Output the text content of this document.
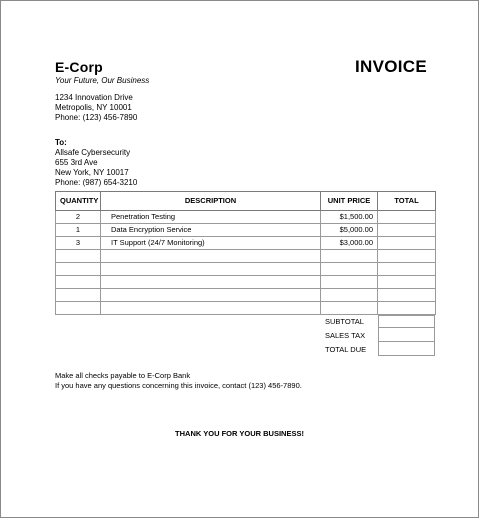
E-Corp	INVOICE
Your Future, Our Business
1234 Innovation Drive
Metropolis, NY 10001
Phone: (123) 456-7890
To:
Allsafe Cybersecurity
655 3rd Ave
New York, NY 10017
Phone: (987) 654-3210
QUANTITY	DESCRIPTION	UNIT PRICE	TOTAL
2	Penetration Testing	$1,500.00	
1	Data Encryption Service	$5,000.00	
3	IT Support (24/7 Monitoring)	$3,000.00	

SUBTOTAL
SALES TAX
TOTAL DUE
Make all checks payable to E-Corp Bank
If you have any questions concerning this invoice, contact (123) 456-7890.
THANK YOU FOR YOUR BUSINESS!
